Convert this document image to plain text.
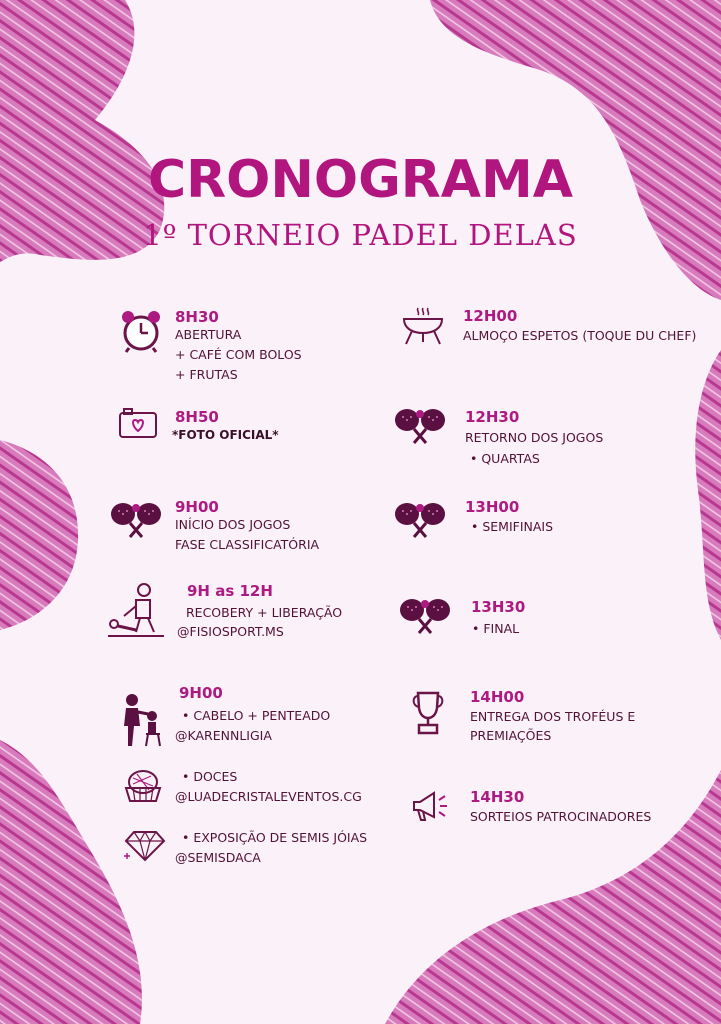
CRONOGRAMA
1º TORNEIO PADEL DELAS
8H30
ABERTURA
+ CAFÉ COM BOLOS
+ FRUTAS
8H50
*FOTO OFICIAL*
9H00
INÍCIO DOS JOGOS
FASE CLASSIFICATÓRIA
9H as 12H
RECOBERY + LIBERAÇÃO
@FISIOSPORT.MS
9H00
• CABELO + PENTEADO
@KARENNLIGIA
• DOCES
@LUADECRISTALEVENTOS.CG
• EXPOSIÇÃO DE SEMIS JÓIAS
@SEMISDACA
12H00
ALMOÇO ESPETOS (TOQUE DU CHEF)
12H30
RETORNO DOS JOGOS
• QUARTAS
13H00
• SEMIFINAIS
13H30
• FINAL
14H00
ENTREGA DOS TROFÉUS E
PREMIAÇÕES
14H30
SORTEIOS PATROCINADORES
